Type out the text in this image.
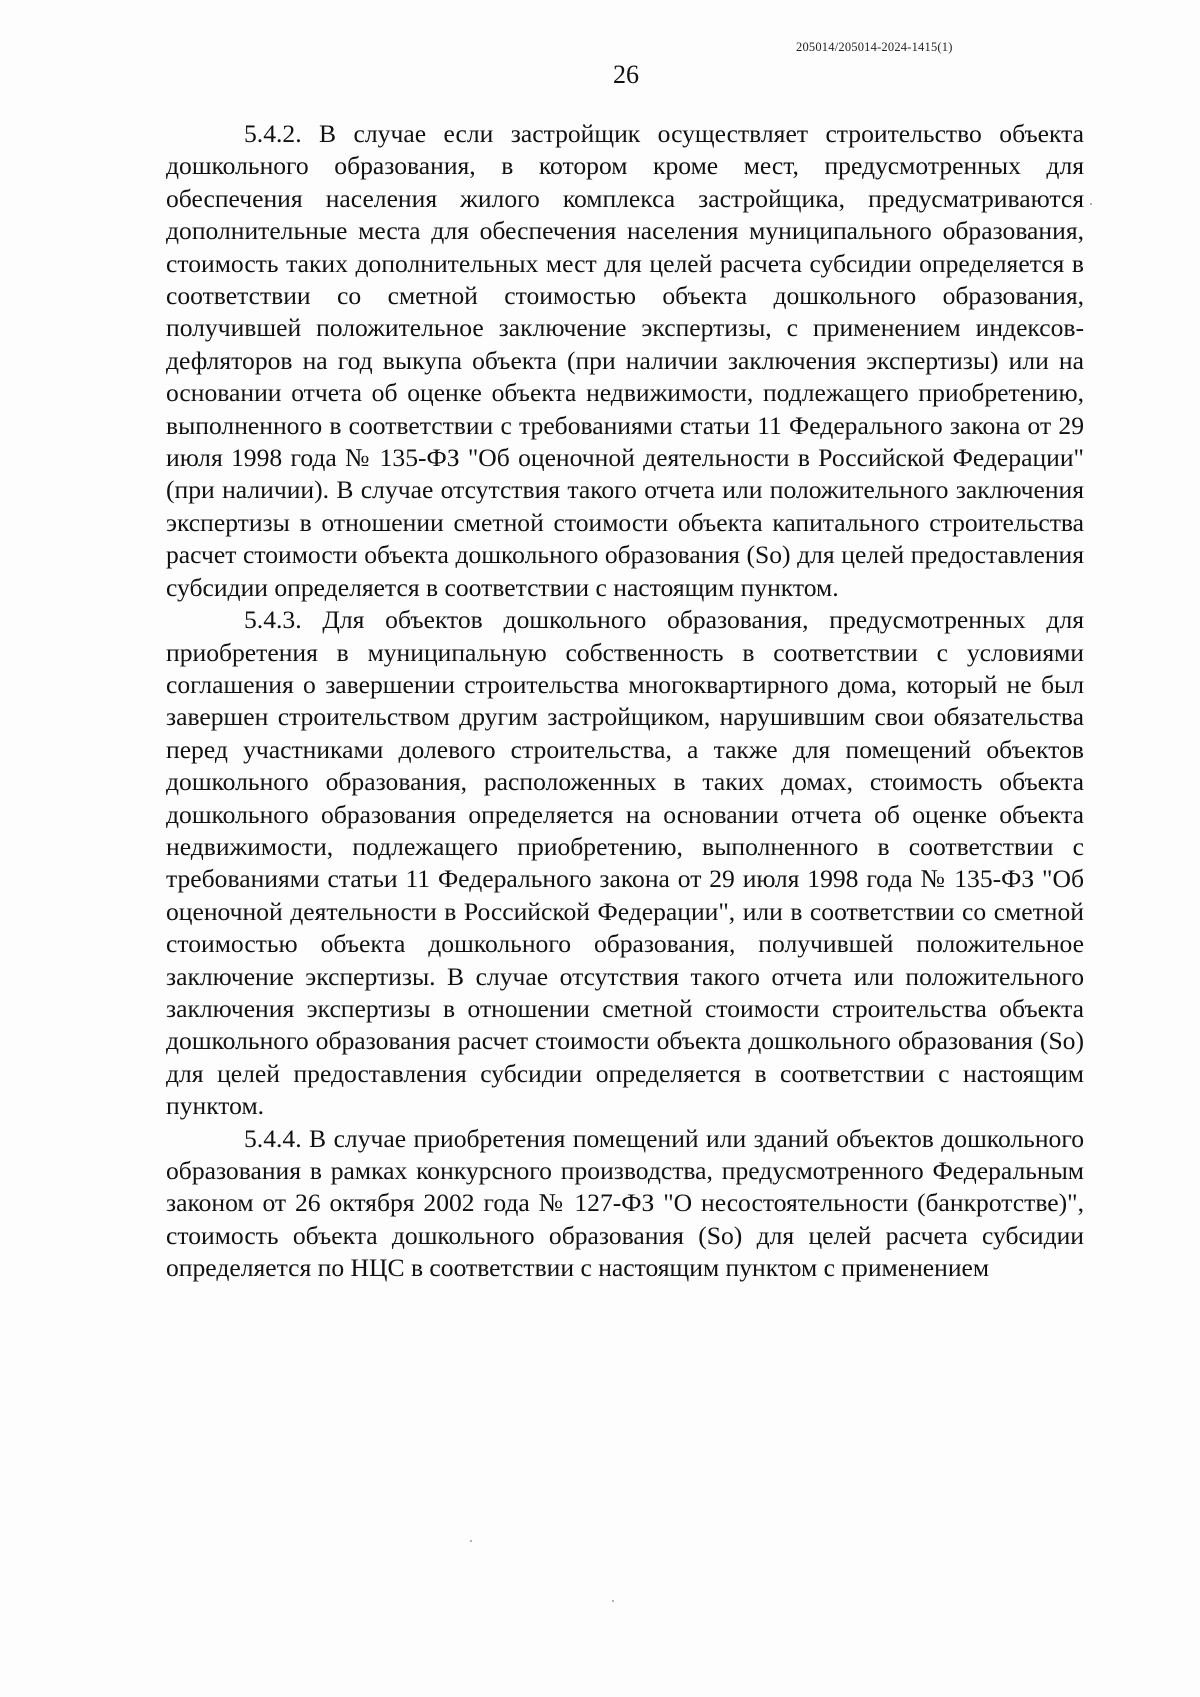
205014/205014-2024-1415(1)
26

5.4.2. В случае если застройщик осуществляет строительство объекта дошкольного образования, в котором кроме мест, предусмотренных для обеспечения населения жилого комплекса застройщика, предусматриваются дополнительные места для обеспечения населения муниципального образования, стоимость таких дополнительных мест для целей расчета субсидии определяется в соответствии со сметной стоимостью объекта дошкольного образования, получившей положительное заключение экспертизы, с применением индексов-дефляторов на год выкупа объекта (при наличии заключения экспертизы) или на основании отчета об оценке объекта недвижимости, подлежащего приобретению, выполненного в соответствии с требованиями статьи 11 Федерального закона от 29 июля 1998 года № 135-ФЗ "Об оценочной деятельности в Российской Федерации" (при наличии). В случае отсутствия такого отчета или положительного заключения экспертизы в отношении сметной стоимости объекта капитального строительства расчет стоимости объекта дошкольного образования (So) для целей предоставления субсидии определяется в соответствии с настоящим пунктом.

5.4.3. Для объектов дошкольного образования, предусмотренных для приобретения в муниципальную собственность в соответствии с условиями соглашения о завершении строительства многоквартирного дома, который не был завершен строительством другим застройщиком, нарушившим свои обязательства перед участниками долевого строительства, а также для помещений объектов дошкольного образования, расположенных в таких домах, стоимость объекта дошкольного образования определяется на основании отчета об оценке объекта недвижимости, подлежащего приобретению, выполненного в соответствии с требованиями статьи 11 Федерального закона от 29 июля 1998 года № 135-ФЗ "Об оценочной деятельности в Российской Федерации", или в соответствии со сметной стоимостью объекта дошкольного образования, получившей положительное заключение экспертизы. В случае отсутствия такого отчета или положительного заключения экспертизы в отношении сметной стоимости строительства объекта дошкольного образования расчет стоимости объекта дошкольного образования (So) для целей предоставления субсидии определяется в соответствии с настоящим пунктом.

5.4.4. В случае приобретения помещений или зданий объектов дошкольного образования в рамках конкурсного производства, предусмотренного Федеральным законом от 26 октября 2002 года № 127-ФЗ "О несостоятельности (банкротстве)", стоимость объекта дошкольного образования (So) для целей расчета субсидии определяется по НЦС в соответствии с настоящим пунктом с применением
